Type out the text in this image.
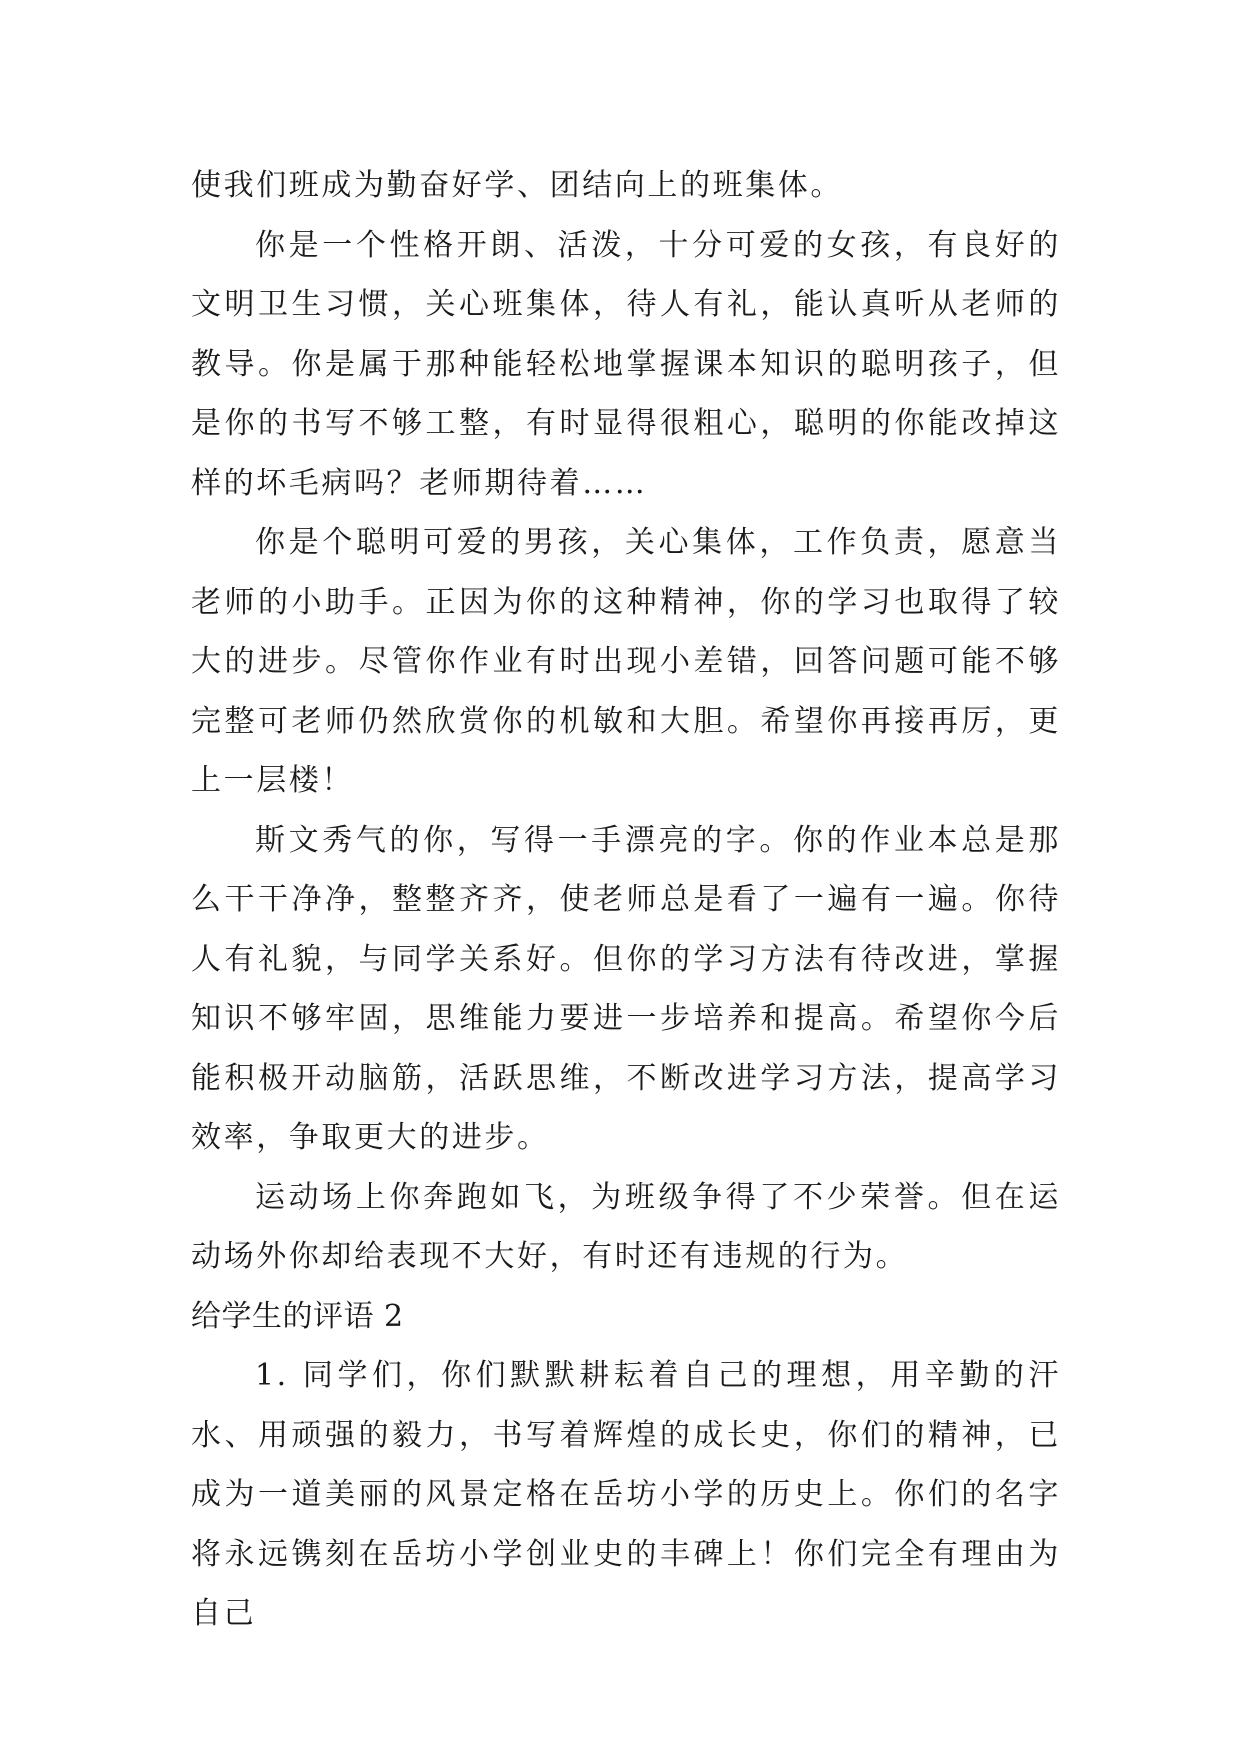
使我们班成为勤奋好学、团结向上的班集体。

你是一个性格开朗、活泼，十分可爱的女孩，有良好的文明卫生习惯，关心班集体，待人有礼，能认真听从老师的教导。你是属于那种能轻松地掌握课本知识的聪明孩子，但是你的书写不够工整，有时显得很粗心，聪明的你能改掉这样的坏毛病吗？老师期待着……

你是个聪明可爱的男孩，关心集体，工作负责，愿意当老师的小助手。正因为你的这种精神，你的学习也取得了较大的进步。尽管你作业有时出现小差错，回答问题可能不够完整可老师仍然欣赏你的机敏和大胆。希望你再接再厉，更上一层楼！

斯文秀气的你，写得一手漂亮的字。你的作业本总是那么干干净净，整整齐齐，使老师总是看了一遍有一遍。你待人有礼貌，与同学关系好。但你的学习方法有待改进，掌握知识不够牢固，思维能力要进一步培养和提高。希望你今后能积极开动脑筋，活跃思维，不断改进学习方法，提高学习效率，争取更大的进步。

运动场上你奔跑如飞，为班级争得了不少荣誉。但在运动场外你却给表现不大好，有时还有违规的行为。

给学生的评语 2

1. 同学们，你们默默耕耘着自己的理想，用辛勤的汗水、用顽强的毅力，书写着辉煌的成长史，你们的精神，已成为一道美丽的风景定格在岳坊小学的历史上。你们的名字将永远镌刻在岳坊小学创业史的丰碑上！你们完全有理由为自己
